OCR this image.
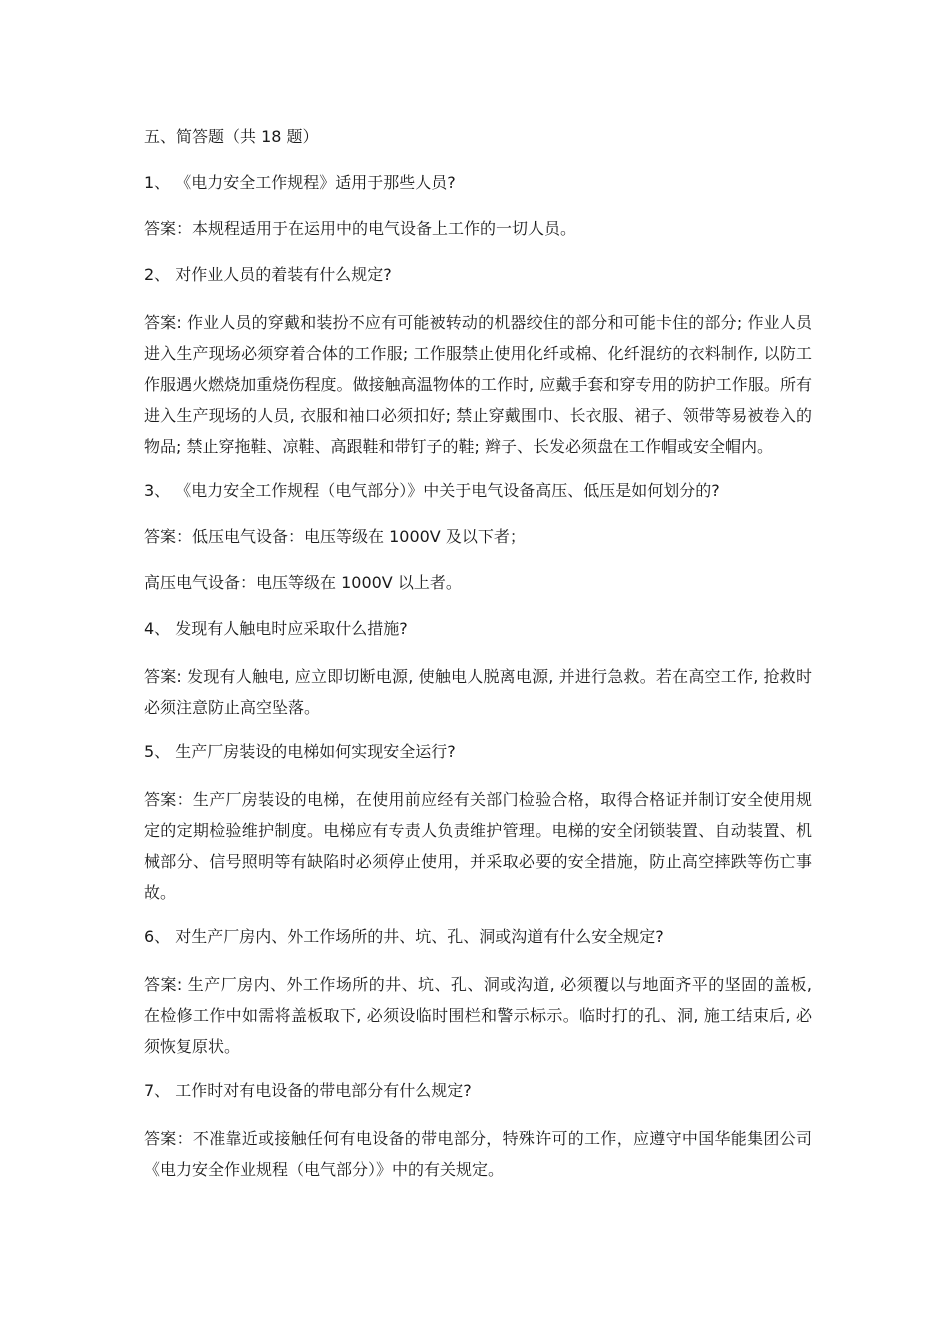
五、简答题（共 18 题）
1、 《电力安全工作规程》适用于那些人员?
答案：本规程适用于在运用中的电气设备上工作的一切人员。
2、 对作业人员的着装有什么规定?
答案: 作业人员的穿戴和装扮不应有可能被转动的机器绞住的部分和可能卡住的部分; 作业人员进入生产现场必须穿着合体的工作服; 工作服禁止使用化纤或棉、化纤混纺的衣料制作, 以防工作服遇火燃烧加重烧伤程度。做接触高温物体的工作时, 应戴手套和穿专用的防护工作服。所有进入生产现场的人员, 衣服和袖口必须扣好; 禁止穿戴围巾、长衣服、裙子、领带等易被卷入的物品; 禁止穿拖鞋、凉鞋、高跟鞋和带钉子的鞋; 辫子、长发必须盘在工作帽或安全帽内。
3、 《电力安全工作规程（电气部分）》中关于电气设备高压、低压是如何划分的?
答案：低压电气设备：电压等级在 1000V 及以下者；
高压电气设备：电压等级在 1000V 以上者。
4、 发现有人触电时应采取什么措施?
答案: 发现有人触电, 应立即切断电源, 使触电人脱离电源, 并进行急救。若在高空工作, 抢救时必须注意防止高空坠落。
5、 生产厂房装设的电梯如何实现安全运行?
答案：生产厂房装设的电梯，在使用前应经有关部门检验合格，取得合格证并制订安全使用规定的定期检验维护制度。电梯应有专责人负责维护管理。电梯的安全闭锁装置、自动装置、机械部分、信号照明等有缺陷时必须停止使用，并采取必要的安全措施，防止高空摔跌等伤亡事故。
6、 对生产厂房内、外工作场所的井、坑、孔、洞或沟道有什么安全规定?
答案: 生产厂房内、外工作场所的井、坑、孔、洞或沟道, 必须覆以与地面齐平的坚固的盖板, 在检修工作中如需将盖板取下, 必须设临时围栏和警示标示。临时打的孔、洞, 施工结束后, 必须恢复原状。
7、 工作时对有电设备的带电部分有什么规定?
答案：不准靠近或接触任何有电设备的带电部分，特殊许可的工作，应遵守中国华能集团公司《电力安全作业规程（电气部分）》中的有关规定。
